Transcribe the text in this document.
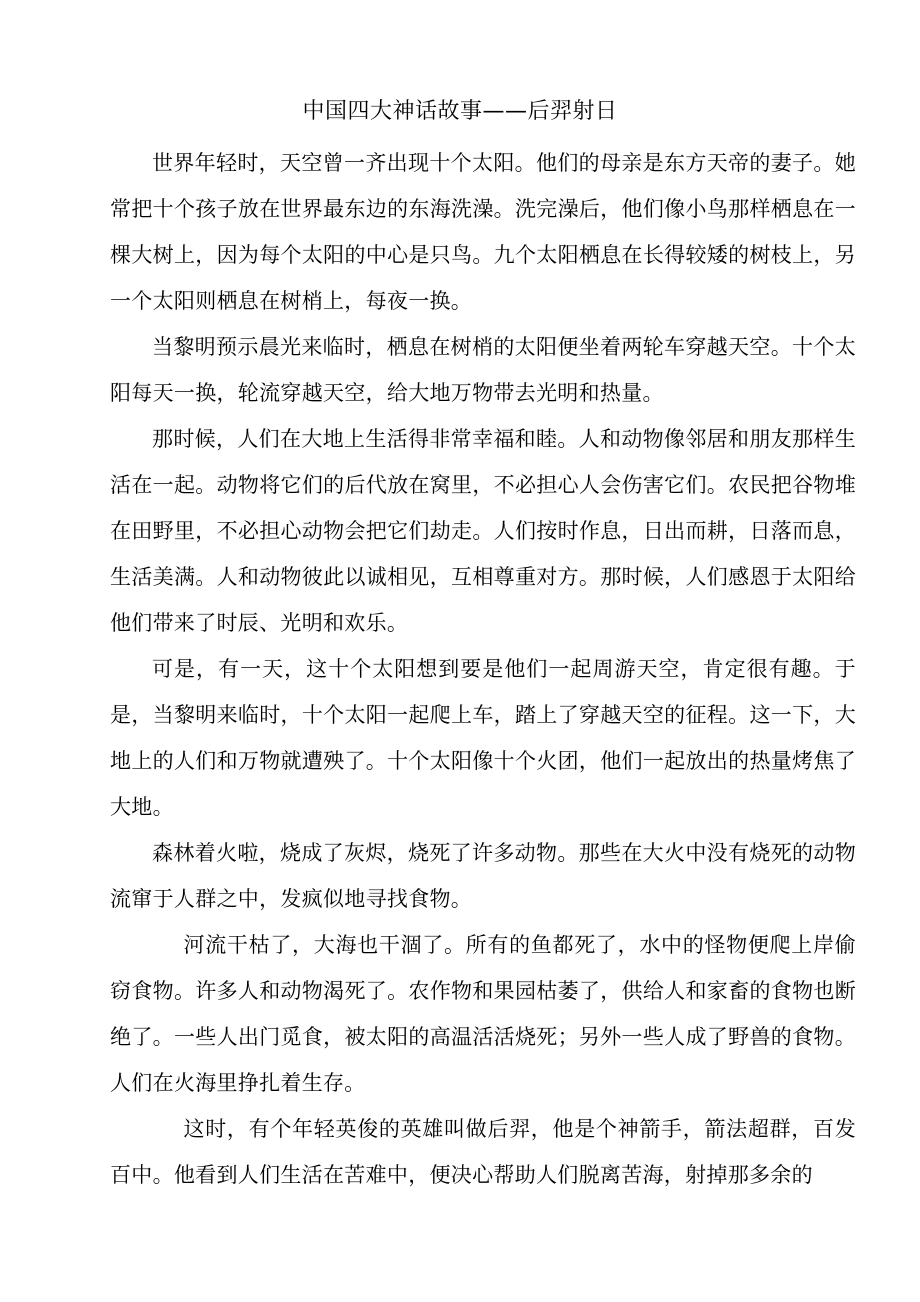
中国四大神话故事——后羿射日

世界年轻时，天空曾一齐出现十个太阳。他们的母亲是东方天帝的妻子。她常把十个孩子放在世界最东边的东海洗澡。洗完澡后，他们像小鸟那样栖息在一棵大树上，因为每个太阳的中心是只鸟。九个太阳栖息在长得较矮的树枝上，另一个太阳则栖息在树梢上，每夜一换。

当黎明预示晨光来临时，栖息在树梢的太阳便坐着两轮车穿越天空。十个太阳每天一换，轮流穿越天空，给大地万物带去光明和热量。

那时候，人们在大地上生活得非常幸福和睦。人和动物像邻居和朋友那样生活在一起。动物将它们的后代放在窝里，不必担心人会伤害它们。农民把谷物堆在田野里，不必担心动物会把它们劫走。人们按时作息，日出而耕，日落而息，生活美满。人和动物彼此以诚相见，互相尊重对方。那时候，人们感恩于太阳给他们带来了时辰、光明和欢乐。

可是，有一天，这十个太阳想到要是他们一起周游天空，肯定很有趣。于是，当黎明来临时，十个太阳一起爬上车，踏上了穿越天空的征程。这一下，大地上的人们和万物就遭殃了。十个太阳像十个火团，他们一起放出的热量烤焦了大地。

森林着火啦，烧成了灰烬，烧死了许多动物。那些在大火中没有烧死的动物流窜于人群之中，发疯似地寻找食物。

河流干枯了，大海也干涸了。所有的鱼都死了，水中的怪物便爬上岸偷窃食物。许多人和动物渴死了。农作物和果园枯萎了，供给人和家畜的食物也断绝了。一些人出门觅食，被太阳的高温活活烧死；另外一些人成了野兽的食物。人们在火海里挣扎着生存。

这时，有个年轻英俊的英雄叫做后羿，他是个神箭手，箭法超群，百发百中。他看到人们生活在苦难中，便决心帮助人们脱离苦海，射掉那多余的
